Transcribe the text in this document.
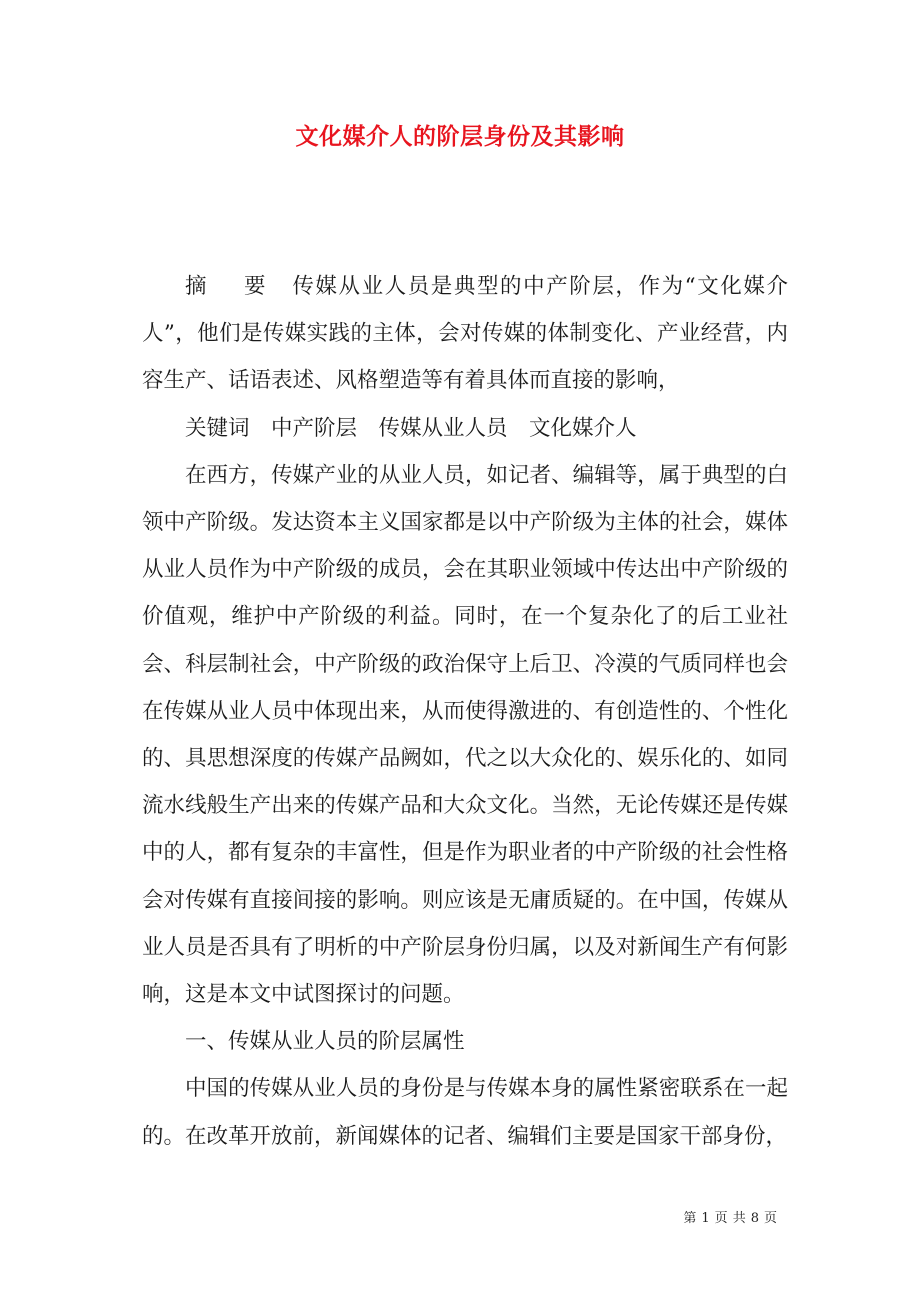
文化媒介人的阶层身份及其影响

摘 要 传媒从业人员是典型的中产阶层，作为“文化媒介人”，他们是传媒实践的主体，会对传媒的体制变化、产业经营，内容生产、话语表述、风格塑造等有着具体而直接的影响，

关键词 中产阶层 传媒从业人员 文化媒介人

在西方，传媒产业的从业人员，如记者、编辑等，属于典型的白领中产阶级。发达资本主义国家都是以中产阶级为主体的社会，媒体从业人员作为中产阶级的成员，会在其职业领域中传达出中产阶级的价值观，维护中产阶级的利益。同时，在一个复杂化了的后工业社会、科层制社会，中产阶级的政治保守上后卫、冷漠的气质同样也会在传媒从业人员中体现出来，从而使得激进的、有创造性的、个性化的、具思想深度的传媒产品阙如，代之以大众化的、娱乐化的、如同流水线般生产出来的传媒产品和大众文化。当然，无论传媒还是传媒中的人，都有复杂的丰富性，但是作为职业者的中产阶级的社会性格会对传媒有直接间接的影响。则应该是无庸质疑的。在中国，传媒从业人员是否具有了明析的中产阶层身份归属，以及对新闻生产有何影响，这是本文中试图探讨的问题。

一、传媒从业人员的阶层属性

中国的传媒从业人员的身份是与传媒本身的属性紧密联系在一起的。在改革开放前，新闻媒体的记者、编辑们主要是国家干部身份，

第 1 页 共 8 页
